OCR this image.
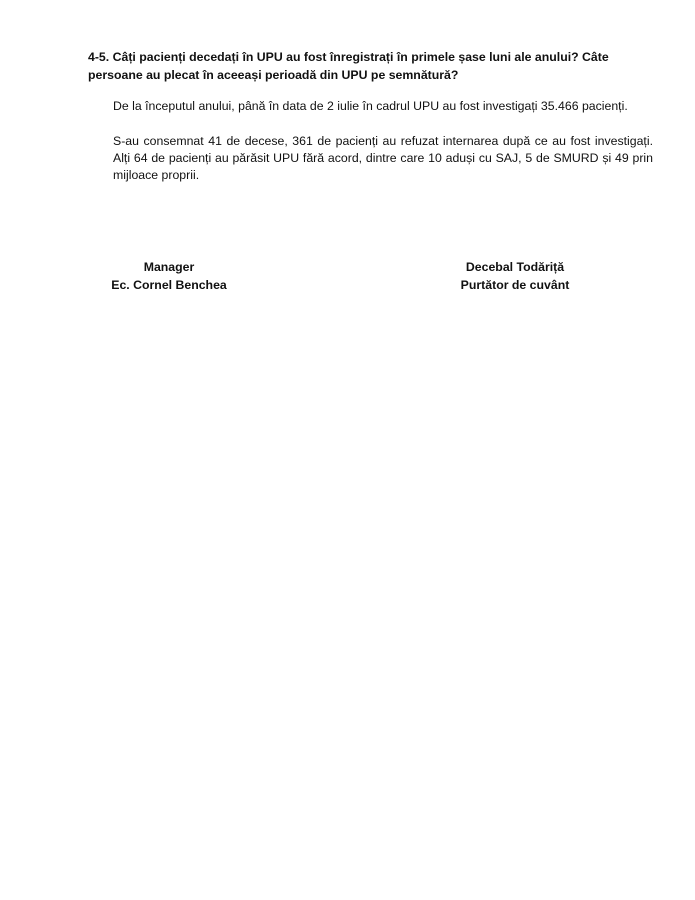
4-5. Câți pacienți decedați în UPU au fost înregistrați în primele șase luni ale anului? Câte persoane au plecat în aceeași perioadă din UPU pe semnătură?
De la începutul anului, până în data de 2 iulie în cadrul UPU au fost investigați 35.466 pacienți.
S-au consemnat 41 de decese, 361 de pacienți au refuzat internarea după ce au fost investigați. Alți 64 de pacienți au părăsit UPU fără acord, dintre care 10 aduși cu SAJ, 5 de SMURD și 49 prin mijloace proprii.
Manager
Ec. Cornel Benchea
Decebal Todăriță
Purtător de cuvânt
